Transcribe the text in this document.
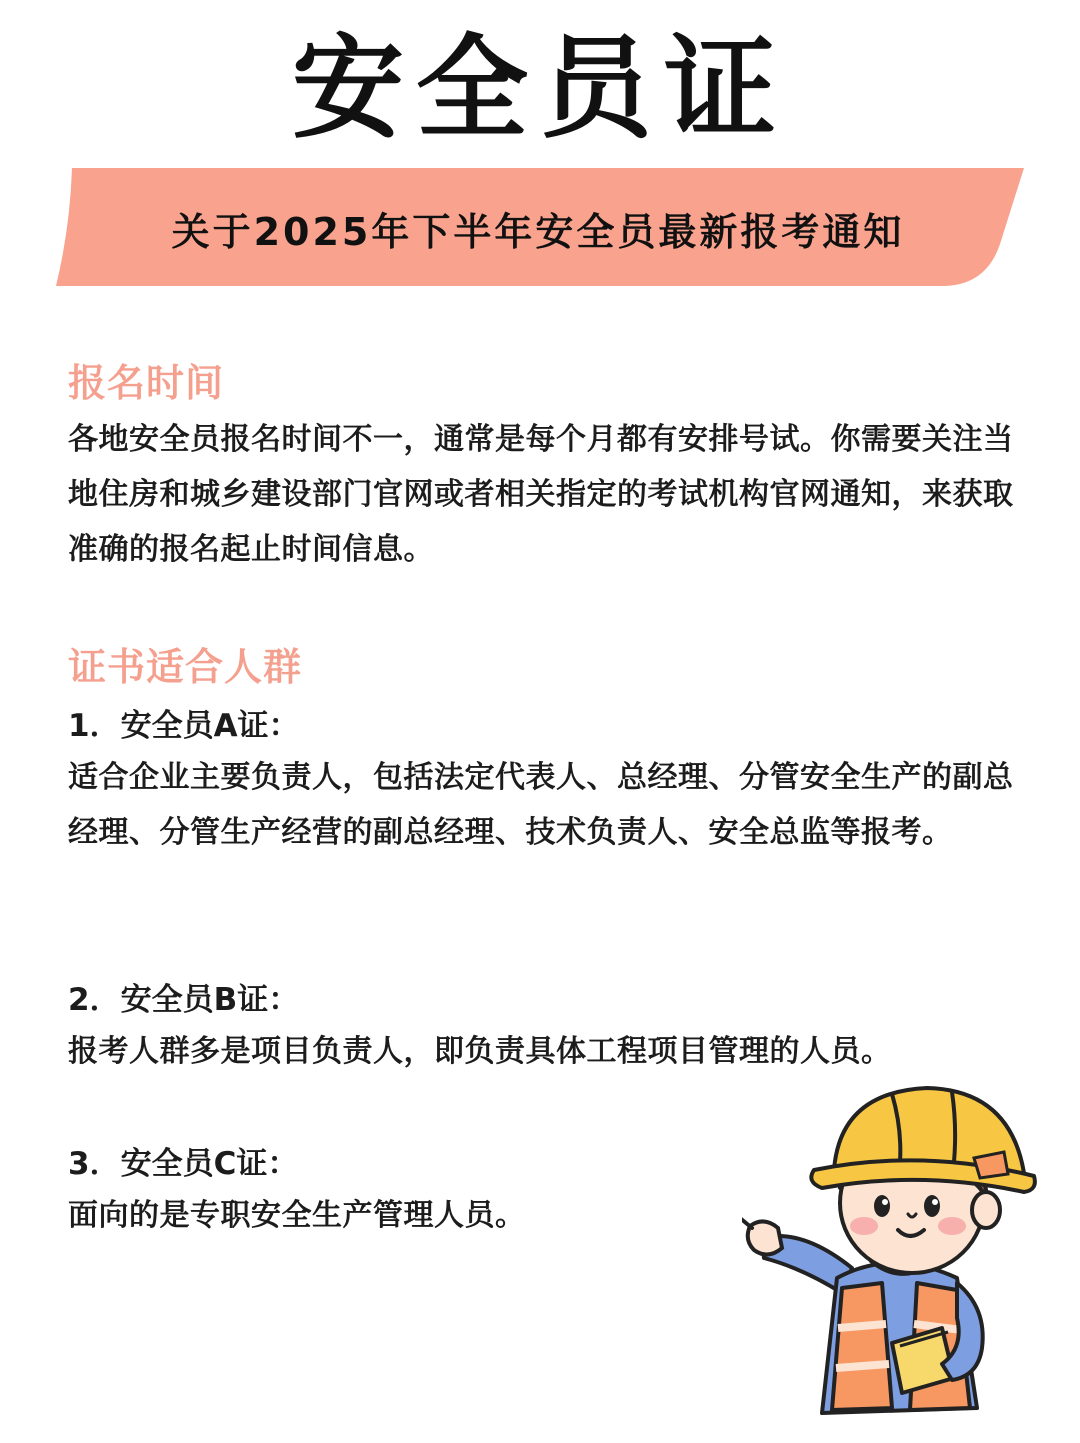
安全员证
关于2025年下半年安全员最新报考通知
报名时间
各地安全员报名时间不一，通常是每个月都有安排号试。你需要关注当地住房和城乡建设部门官网或者相关指定的考试机构官网通知，来获取准确的报名起止时间信息。
证书适合人群
1．安全员A证：
适合企业主要负责人，包括法定代表人、总经理、分管安全生产的副总经理、分管生产经营的副总经理、技术负责人、安全总监等报考。
2．安全员B证：
报考人群多是项目负责人，即负责具体工程项目管理的人员。
3．安全员C证：
面向的是专职安全生产管理人员。
